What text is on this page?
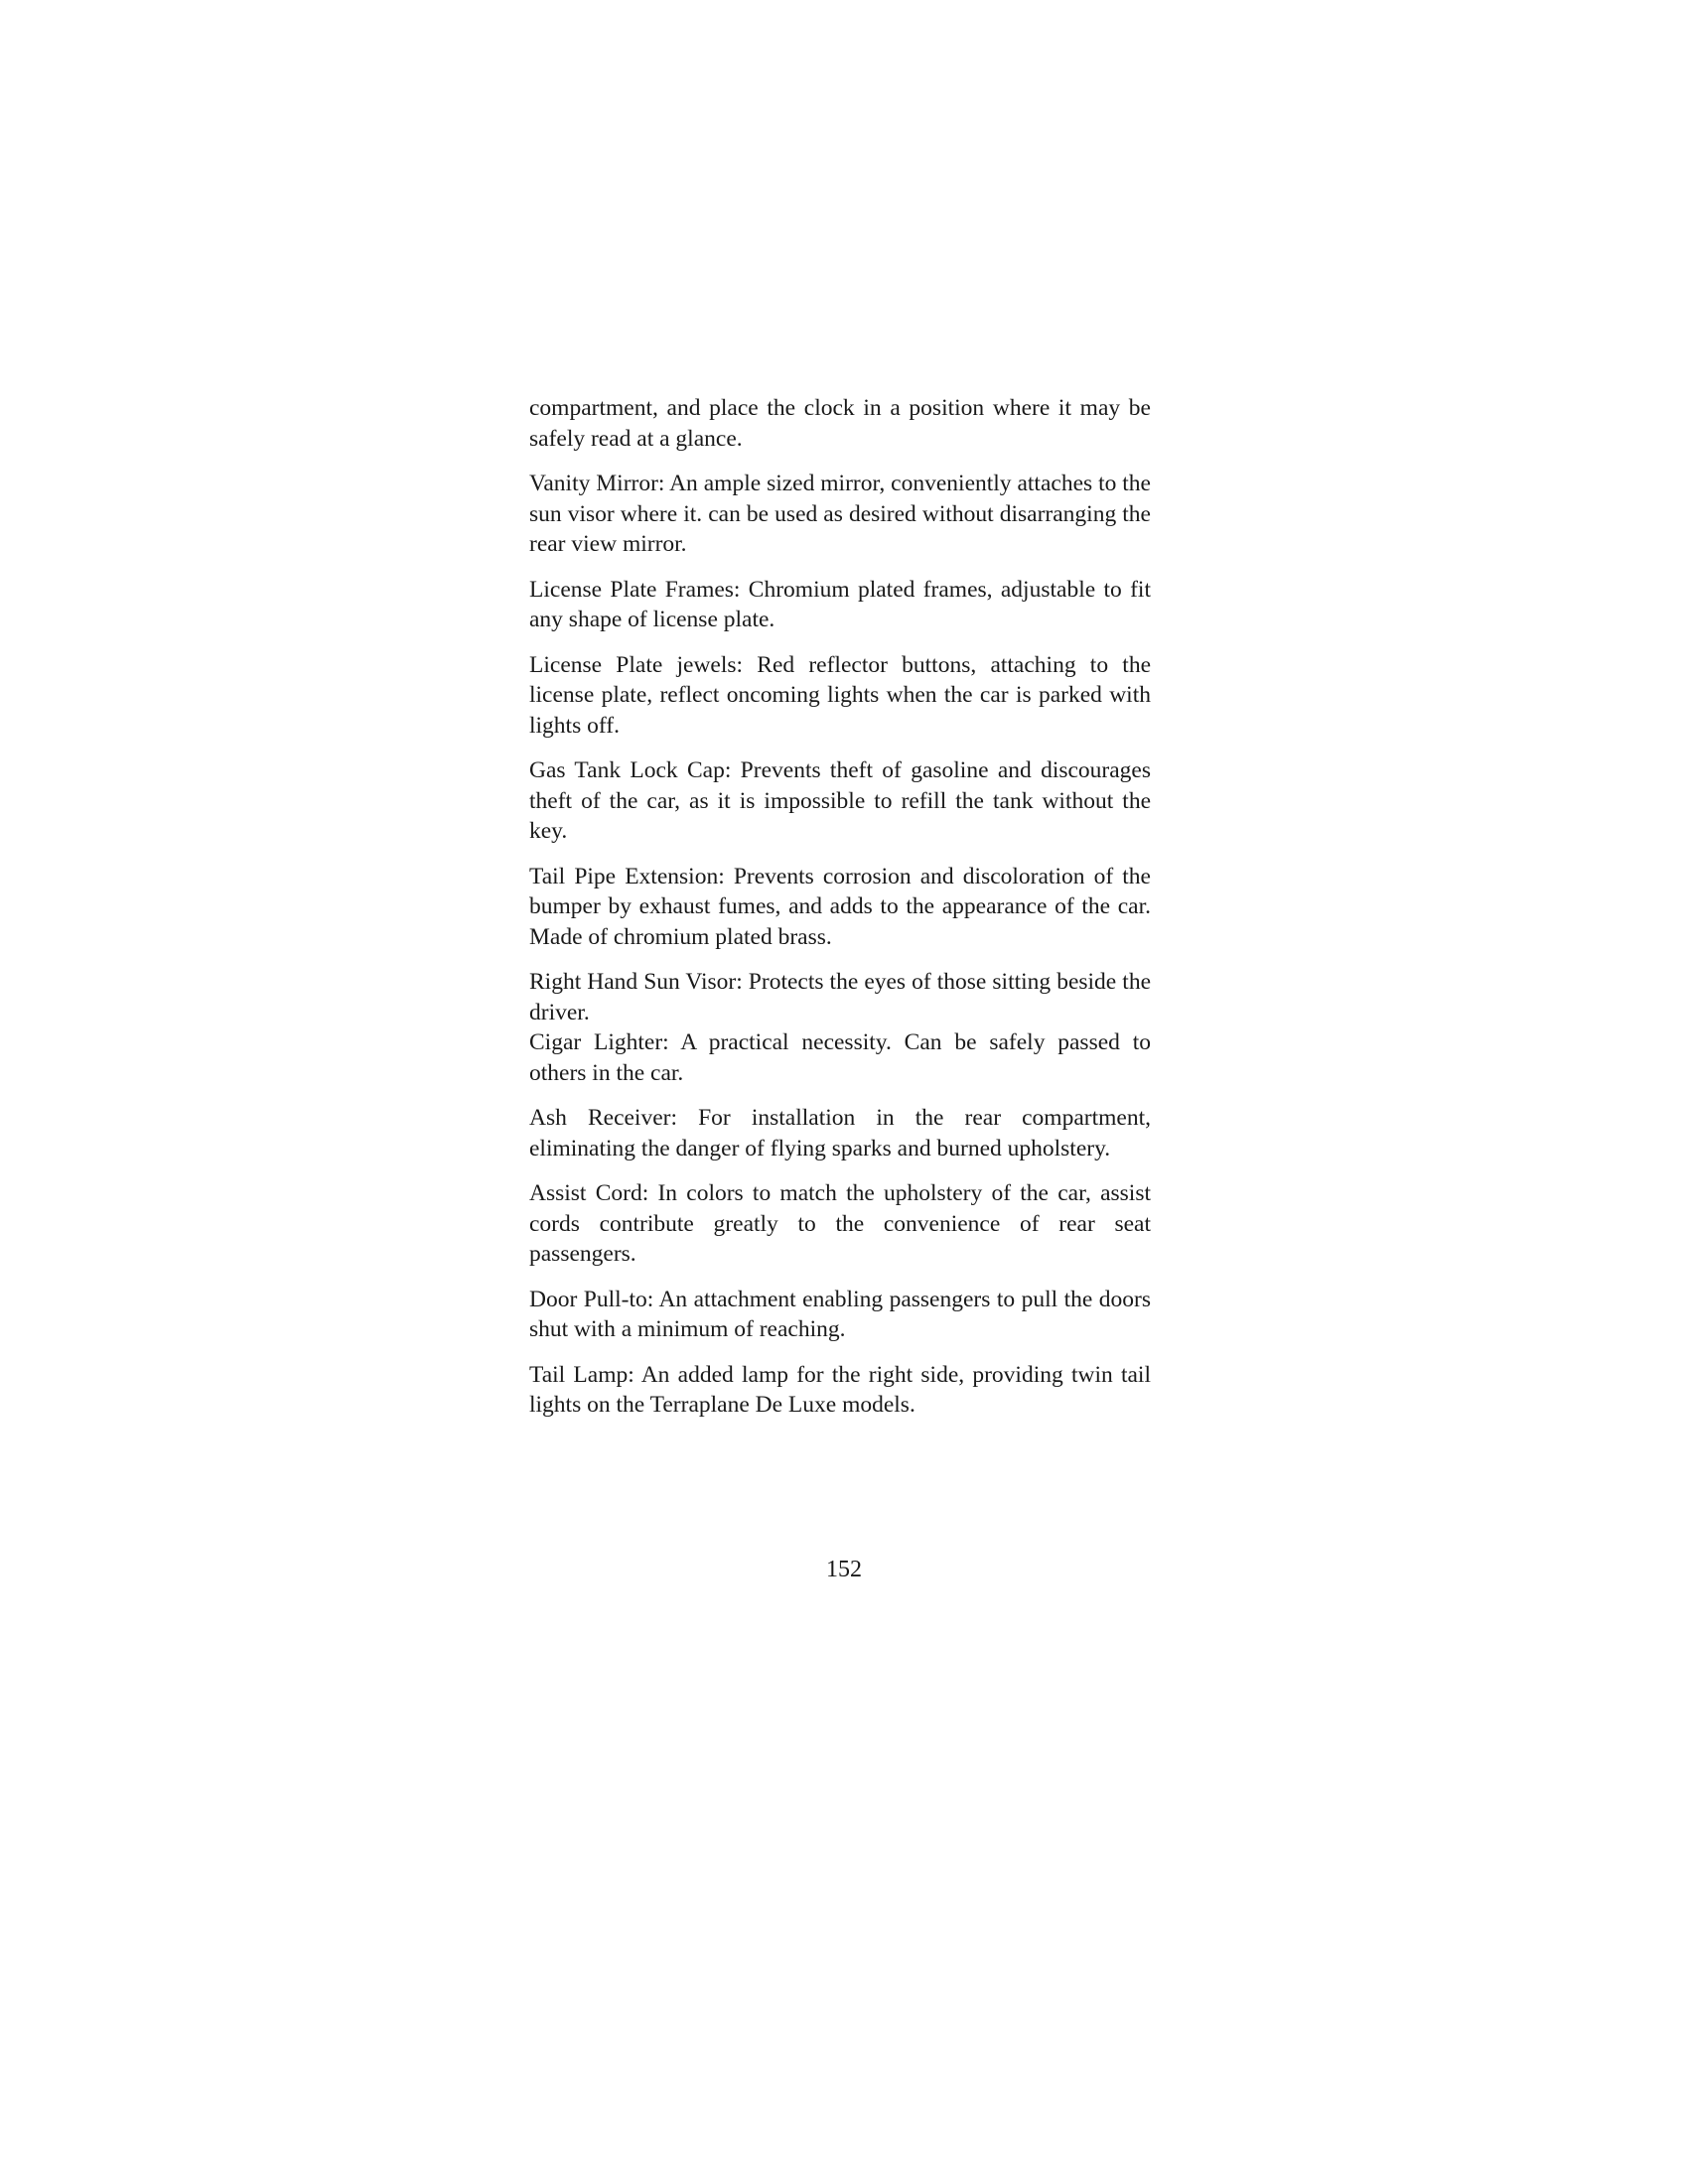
compartment, and place the clock in a position where it may be safely read at a glance.

Vanity Mirror: An ample sized mirror, conveniently attaches to the sun visor where it. can be used as desired without disarranging the rear view mirror.

License Plate Frames: Chromium plated frames, adjustable to fit any shape of license plate.

License Plate jewels: Red reflector buttons, attaching to the license plate, reflect oncoming lights when the car is parked with lights off.

Gas Tank Lock Cap: Prevents theft of gasoline and discourages theft of the car, as it is impossible to refill the tank without the key.

Tail Pipe Extension: Prevents corrosion and discoloration of the bumper by exhaust fumes, and adds to the appearance of the car. Made of chromium plated brass.

Right Hand Sun Visor: Protects the eyes of those sitting beside the driver.

Cigar Lighter: A practical necessity. Can be safely passed to others in the car.

Ash Receiver: For installation in the rear compartment, eliminating the danger of flying sparks and burned upholstery.

Assist Cord: In colors to match the upholstery of the car, assist cords contribute greatly to the convenience of rear seat passengers.

Door Pull-to: An attachment enabling passengers to pull the doors shut with a minimum of reaching.

Tail Lamp: An added lamp for the right side, providing twin tail lights on the Terraplane De Luxe models.

152
